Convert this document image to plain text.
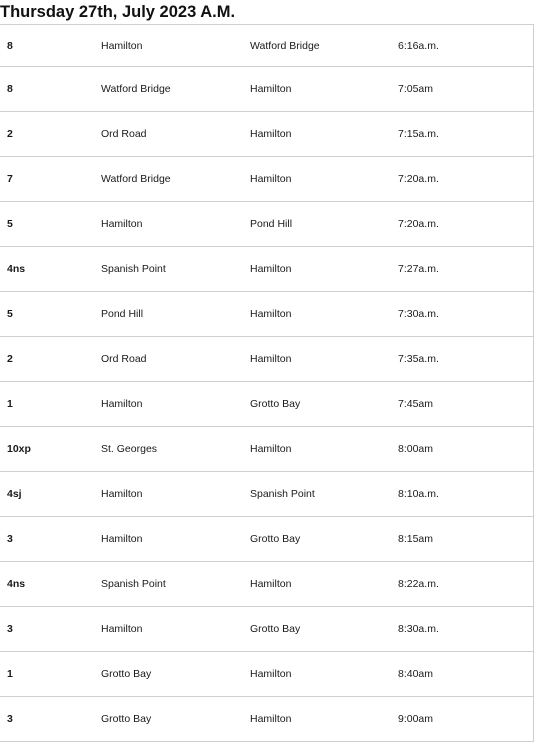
Thursday 27th, July 2023 A.M.
8	Hamilton	Watford Bridge	6:16a.m.
8	Watford Bridge	Hamilton	7:05am
2	Ord Road	Hamilton	7:15a.m.
7	Watford Bridge	Hamilton	7:20a.m.
5	Hamilton	Pond Hill	7:20a.m.
4ns	Spanish Point	Hamilton	7:27a.m.
5	Pond Hill	Hamilton	7:30a.m.
2	Ord Road	Hamilton	7:35a.m.
1	Hamilton	Grotto Bay	7:45am
10xp	St. Georges	Hamilton	8:00am
4sj	Hamilton	Spanish Point	8:10a.m.
3	Hamilton	Grotto Bay	8:15am
4ns	Spanish Point	Hamilton	8:22a.m.
3	Hamilton	Grotto Bay	8:30a.m.
1	Grotto Bay	Hamilton	8:40am
3	Grotto Bay	Hamilton	9:00am
